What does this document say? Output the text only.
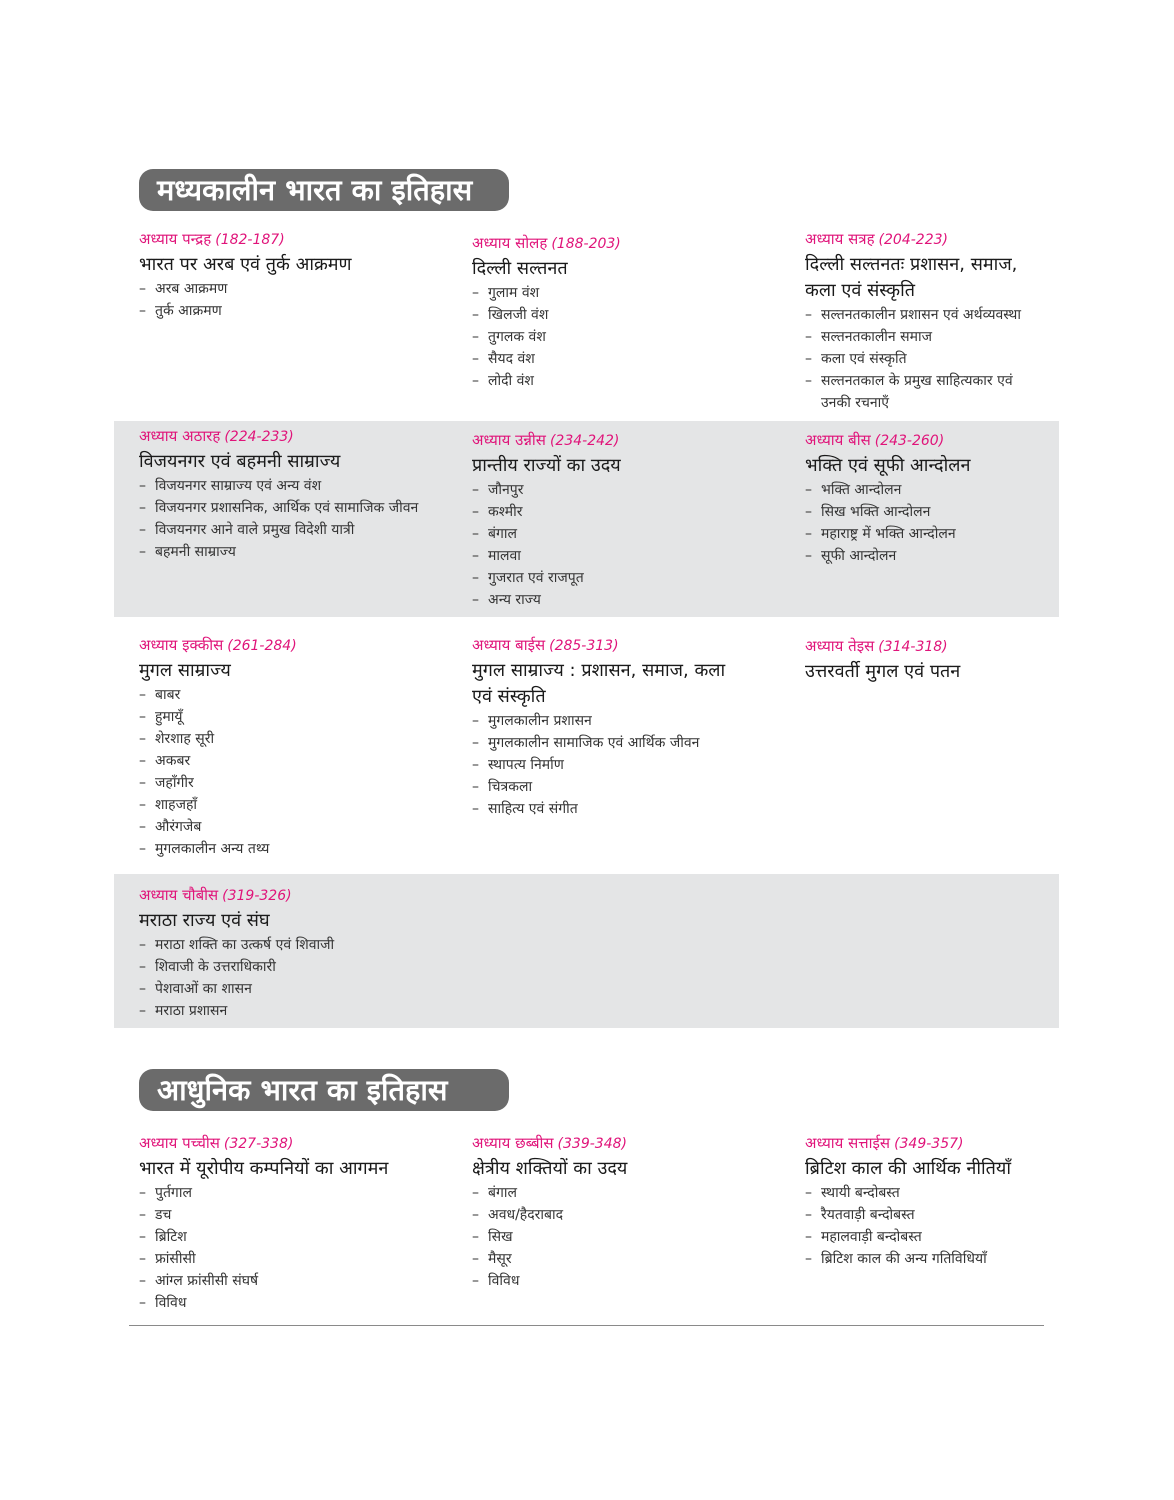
मध्यकालीन भारत का इतिहास
आधुनिक भारत का इतिहास
अध्याय पन्द्रह (182-187)
भारत पर अरब एवं तुर्क आक्रमण
– अरब आक्रमण
– तुर्क आक्रमण
अध्याय सोलह (188-203)
दिल्ली सल्तनत
– गुलाम वंश
– खिलजी वंश
– तुगलक वंश
– सैयद वंश
– लोदी वंश
अध्याय सत्रह (204-223)
दिल्ली सल्तनतः प्रशासन, समाज,
कला एवं संस्कृति
– सल्तनतकालीन प्रशासन एवं अर्थव्यवस्था
– सल्तनतकालीन समाज
– कला एवं संस्कृति
– सल्तनतकाल के प्रमुख साहित्यकार एवं
उनकी रचनाएँ
अध्याय अठारह (224-233)
विजयनगर एवं बहमनी साम्राज्य
– विजयनगर साम्राज्य एवं अन्य वंश
– विजयनगर प्रशासनिक, आर्थिक एवं सामाजिक जीवन
– विजयनगर आने वाले प्रमुख विदेशी यात्री
– बहमनी साम्राज्य
अध्याय उन्नीस (234-242)
प्रान्तीय राज्यों का उदय
– जौनपुर
– कश्मीर
– बंगाल
– मालवा
– गुजरात एवं राजपूत
– अन्य राज्य
अध्याय बीस (243-260)
भक्ति एवं सूफी आन्दोलन
– भक्ति आन्दोलन
– सिख भक्ति आन्दोलन
– महाराष्ट्र में भक्ति आन्दोलन
– सूफी आन्दोलन
अध्याय इक्कीस (261-284)
मुगल साम्राज्य
– बाबर
– हुमायूँ
– शेरशाह सूरी
– अकबर
– जहाँगीर
– शाहजहाँ
– औरंगजेब
– मुगलकालीन अन्य तथ्य
अध्याय बाईस (285-313)
मुगल साम्राज्य : प्रशासन, समाज, कला
एवं संस्कृति
– मुगलकालीन प्रशासन
– मुगलकालीन सामाजिक एवं आर्थिक जीवन
– स्थापत्य निर्माण
– चित्रकला
– साहित्य एवं संगीत
अध्याय तेइस (314-318)
उत्तरवर्ती मुगल एवं पतन
अध्याय चौबीस (319-326)
मराठा राज्य एवं संघ
– मराठा शक्ति का उत्कर्ष एवं शिवाजी
– शिवाजी के उत्तराधिकारी
– पेशवाओं का शासन
– मराठा प्रशासन
अध्याय पच्चीस (327-338)
भारत में यूरोपीय कम्पनियों का आगमन
– पुर्तगाल
– डच
– ब्रिटिश
– फ्रांसीसी
– आंग्ल फ्रांसीसी संघर्ष
– विविध
अध्याय छब्बीस (339-348)
क्षेत्रीय शक्तियों का उदय
– बंगाल
– अवध/हैदराबाद
– सिख
– मैसूर
– विविध
अध्याय सत्ताईस (349-357)
ब्रिटिश काल की आर्थिक नीतियाँ
– स्थायी बन्दोबस्त
– रैयतवाड़ी बन्दोबस्त
– महालवाड़ी बन्दोबस्त
– ब्रिटिश काल की अन्य गतिविधियाँ
